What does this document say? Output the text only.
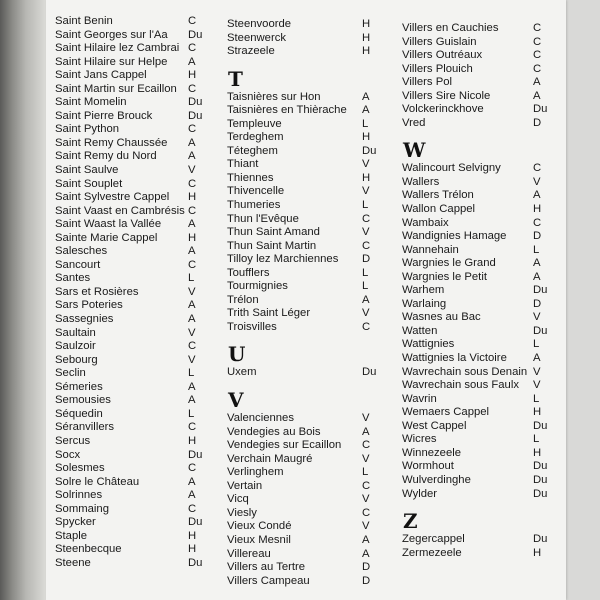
Saint Benin	C
Saint Georges sur l'Aa Du
Saint Hilaire lez Cambrai C
Saint Hilaire sur Helpe A
Saint Jans Cappel	H
Saint Martin sur Ecaillon C
Saint Momelin	Du
Saint Pierre Brouck	Du
Saint Python	C
Saint Remy Chaussée A
Saint Remy du Nord	A
Saint Saulve	V
Saint Souplet	C
Saint Sylvestre Cappel H
Saint Vaast en Cambrésis C
Saint Waast la Vallée A
Sainte Marie Cappel	H
Salesches	A
Sancourt	C
Santes	L
Sars et Rosières	V
Sars Poteries	A
Sassegnies	A
Saultain	V
Saulzoir	C
Sebourg	V
Seclin	L
Sémeries	A
Semousies	A
Séquedin	L
Séranvillers	C
Sercus	H
Socx	Du
Solesmes	C
Solre le Château	A
Solrinnes	A
Sommaing	C
Spycker	Du
Staple	H
Steenbecque	H
Steene	Du
Steenvoorde	H
Steenwerck	H
Strazeele	H
T
Taisnières sur Hon	A
Taisnières en Thièrache A
Templeuve	L
Terdeghem	H
Téteghem	Du
Thiant	V
Thiennes	H
Thivencelle	V
Thumeries	L
Thun l'Evêque	C
Thun Saint Amand	V
Thun Saint Martin	C
Tilloy lez Marchiennes D
Toufflers	L
Tourmignies	L
Trélon	A
Trith Saint Léger	V
Troisvilles	C
U
Uxem	Du
V
Valenciennes	V
Vendegies au Bois	A
Vendegies sur Ecaillon C
Verchain Maugré	V
Verlinghem	L
Vertain	C
Vicq	V
Viesly	C
Vieux Condé	V
Vieux Mesnil	A
Villereau	A
Villers au Tertre	D
Villers Campeau	D
Villers en Cauchies	C
Villers Guislain	C
Villers Outréaux	C
Villers Plouich	C
Villers Pol	A
Villers Sire Nicole	A
Volckerinckhove	Du
Vred	D
W
Walincourt Selvigny	C
Wallers	V
Wallers Trélon	A
Wallon Cappel	H
Wambaix	C
Wandignies Hamage D
Wannehain	L
Wargnies le Grand	A
Wargnies le Petit	A
Warhem	Du
Warlaing	D
Wasnes au Bac	V
Watten	Du
Wattignies	L
Wattignies la Victoire A
Wavrechain sous Denain V
Wavrechain sous Faulx V
Wavrin	L
Wemaers Cappel	H
West Cappel	Du
Wicres	L
Winnezeele	H
Wormhout	Du
Wulverdinghe	Du
Wylder	Du
Z
Zegercappel	Du
Zermezeele	H
